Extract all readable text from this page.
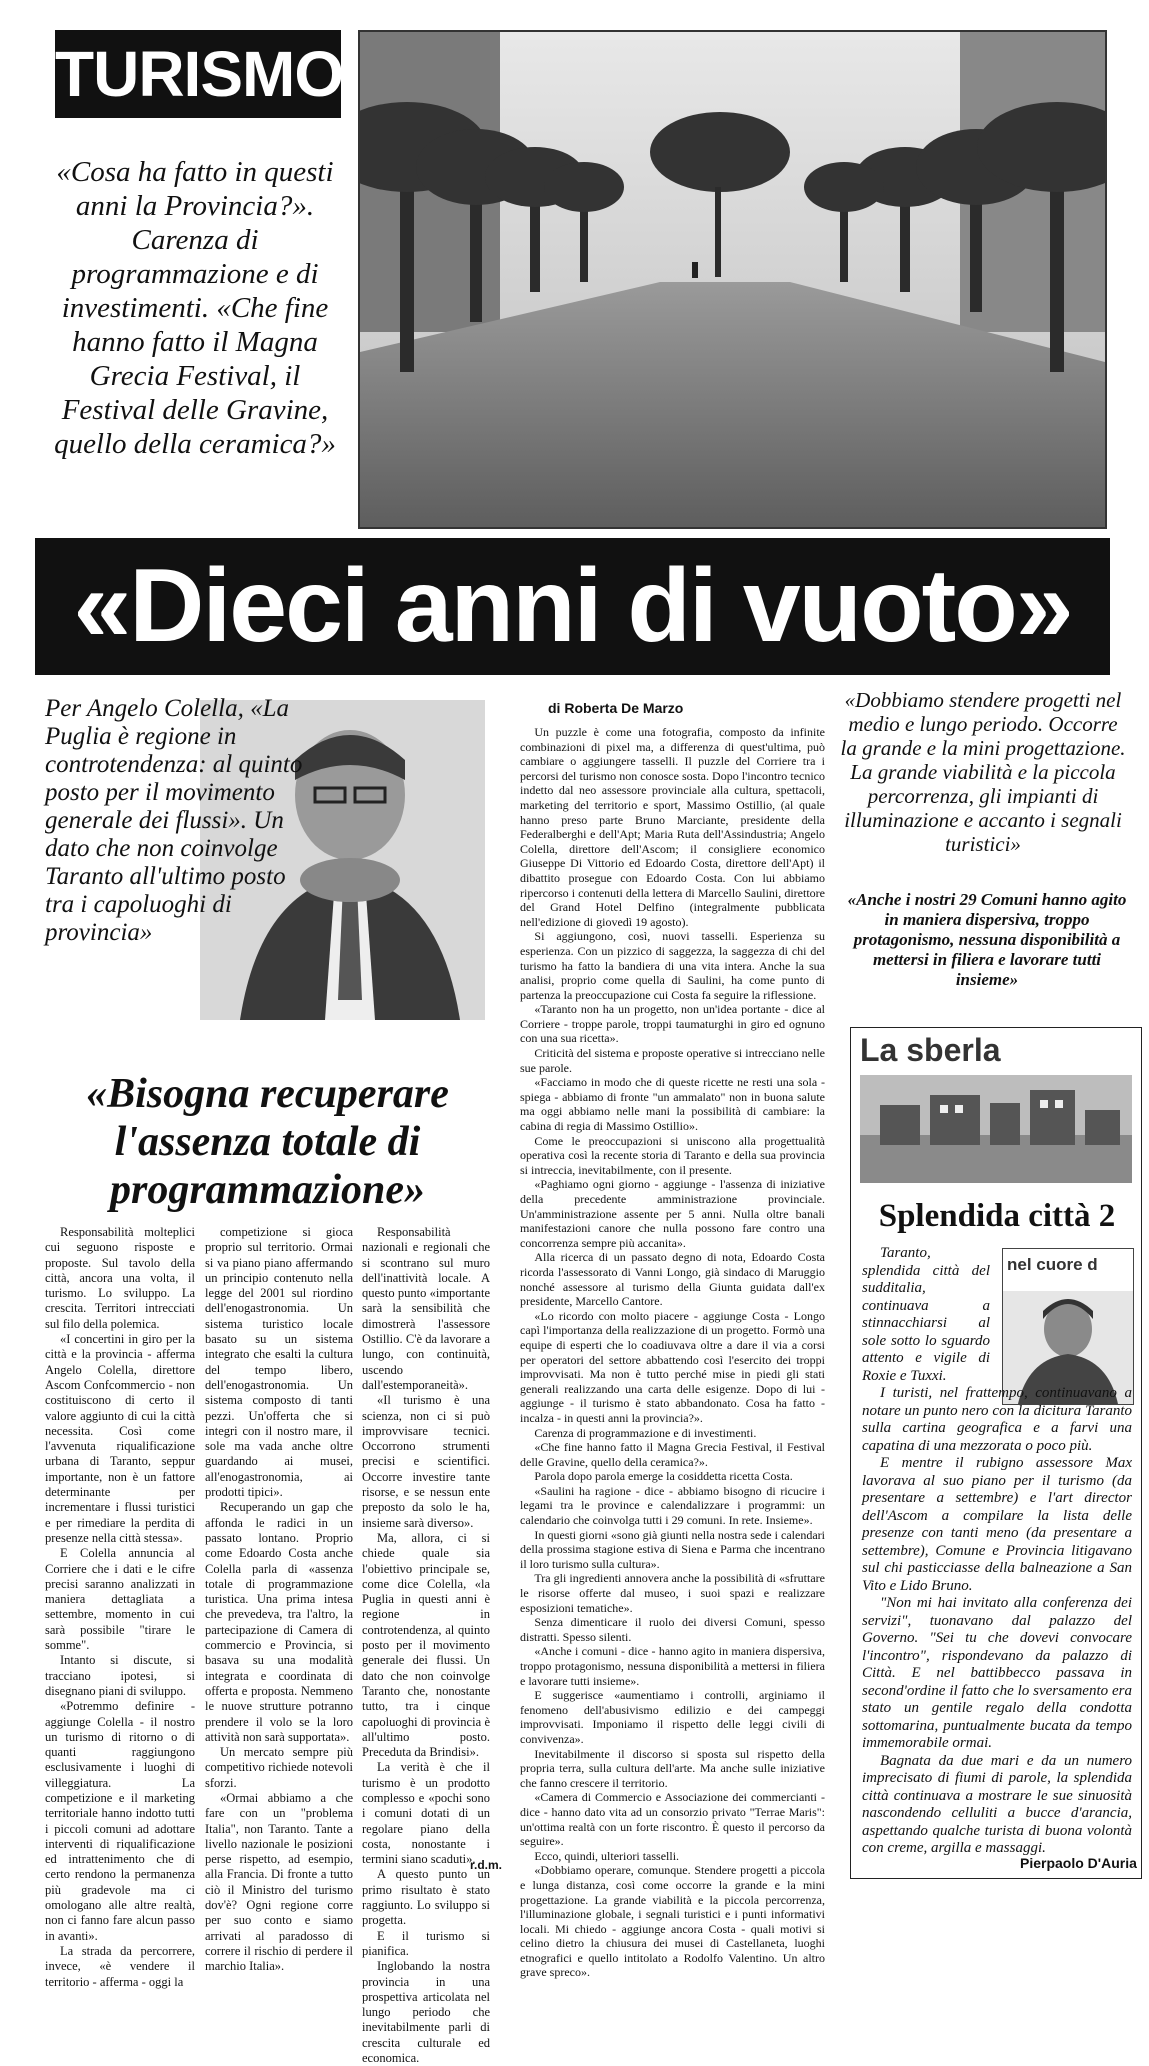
TURISMO
«Cosa ha fatto in questi anni la Provincia?». Carenza di programmazione e di investimenti. «Che fine hanno fatto il Magna Grecia Festival, il Festival delle Gravine, quello della ceramica?»
«Dieci anni di vuoto»
Per Angelo Colella, «La Puglia è regione in controtendenza: al quinto posto per il movimento generale dei flussi». Un dato che non coinvolge Taranto all'ultimo posto tra i capoluoghi di provincia»
«Bisogna recuperare l'assenza totale di programmazione»

Responsabilità molteplici cui seguono risposte e proposte. Sul tavolo della città, ancora una volta, il turismo. Lo sviluppo. La crescita. Territori intrecciati sul filo della polemica.

«I concertini in giro per la città e la provincia - afferma Angelo Colella, direttore Ascom Confcommercio - non costituiscono di certo il valore aggiunto di cui la città necessita. Così come l'avvenuta riqualificazione urbana di Taranto, seppur importante, non è un fattore determinante per incrementare i flussi turistici e per rimediare la perdita di presenze nella città stessa».

E Colella annuncia al Corriere che i dati e le cifre precisi saranno analizzati in maniera dettagliata a settembre, momento in cui sarà possibile "tirare le somme".

Intanto si discute, si tracciano ipotesi, si disegnano piani di sviluppo.

«Potremmo definire - aggiunge Colella - il nostro un turismo di ritorno o di quanti raggiungono esclusivamente i luoghi di villeggiatura. La competizione e il marketing territoriale hanno indotto tutti i piccoli comuni ad adottare interventi di riqualificazione ed intrattenimento che di certo rendono la permanenza più gradevole ma ci omologano alle altre realtà, non ci fanno fare alcun passo in avanti».

La strada da percorrere, invece, «è vendere il territorio - afferma - oggi la

competizione si gioca proprio sul territorio. Ormai si va piano piano affermando un principio contenuto nella legge del 2001 sul riordino dell'enogastronomia. Un sistema turistico locale basato su un sistema integrato che esalti la cultura del tempo libero, dell'enogastronomia. Un sistema composto di tanti pezzi. Un'offerta che si integri con il nostro mare, il sole ma vada anche oltre guardando ai musei, all'enogastronomia, ai prodotti tipici».

Recuperando un gap che affonda le radici in un passato lontano. Proprio come Edoardo Costa anche Colella parla di «assenza totale di programmazione turistica. Una prima intesa che prevedeva, tra l'altro, la partecipazione di Camera di commercio e Provincia, si basava su una modalità integrata e coordinata di offerta e proposta. Nemmeno le nuove strutture potranno prendere il volo se la loro attività non sarà supportata».

Un mercato sempre più competitivo richiede notevoli sforzi.

«Ormai abbiamo a che fare con un "problema Italia", non Taranto. Tante a livello nazionale le posizioni perse rispetto, ad esempio, alla Francia. Di fronte a tutto ciò il Ministro del turismo dov'è? Ogni regione corre per suo conto e siamo arrivati al paradosso di correre il rischio di perdere il marchio Italia».

Responsabilità nazionali e regionali che si scontrano sul muro dell'inattività locale. A questo punto «importante sarà la sensibilità che dimostrerà l'assessore Ostillio. C'è da lavorare a lungo, con continuità, uscendo dall'estemporaneità».

«Il turismo è una scienza, non ci si può improvvisare tecnici. Occorrono strumenti precisi e scientifici. Occorre investire tante risorse, e se nessun ente preposto da solo le ha, insieme sarà diverso».

Ma, allora, ci si chiede quale sia l'obiettivo principale se, come dice Colella, «la Puglia in questi anni è regione in controtendenza, al quinto posto per il movimento generale dei flussi. Un dato che non coinvolge Taranto che, nonostante tutto, tra i cinque capoluoghi di provincia è all'ultimo posto. Preceduta da Brindisi».

La verità è che il turismo è un prodotto complesso e «pochi sono i comuni dotati di un regolare piano della costa, nonostante i termini siano scaduti».

A questo punto un primo risultato è stato raggiunto. Lo sviluppo si progetta.

E il turismo si pianifica.

Inglobando la nostra provincia in una prospettiva articolata nel lungo periodo che inevitabilmente parli di crescita culturale ed economica.

r.d.m.
di Roberta De Marzo

Un puzzle è come una fotografia, composto da infinite combinazioni di pixel ma, a differenza di quest'ultima, può cambiare o aggiungere tasselli. Il puzzle del Corriere tra i percorsi del turismo non conosce sosta. Dopo l'incontro tecnico indetto dal neo assessore provinciale alla cultura, spettacoli, marketing del territorio e sport, Massimo Ostillio, (al quale hanno preso parte Bruno Marciante, presidente della Federalberghi e dell'Apt; Maria Ruta dell'Assindustria; Angelo Colella, direttore dell'Ascom; il consigliere economico Giuseppe Di Vittorio ed Edoardo Costa, direttore dell'Apt) il dibattito prosegue con Edoardo Costa. Con lui abbiamo ripercorso i contenuti della lettera di Marcello Saulini, direttore del Grand Hotel Delfino (integralmente pubblicata nell'edizione di giovedì 19 agosto).

Si aggiungono, così, nuovi tasselli. Esperienza su esperienza. Con un pizzico di saggezza, la saggezza di chi del turismo ha fatto la bandiera di una vita intera. Anche la sua analisi, proprio come quella di Saulini, ha come punto di partenza la preoccupazione cui Costa fa seguire la riflessione.

«Taranto non ha un progetto, non un'idea portante - dice al Corriere - troppe parole, troppi taumaturghi in giro ed ognuno con una sua ricetta».

Criticità del sistema e proposte operative si intrecciano nelle sue parole.

«Facciamo in modo che di queste ricette ne resti una sola - spiega - abbiamo di fronte "un ammalato" non in buona salute ma oggi abbiamo nelle mani la possibilità di cambiare: la cabina di regia di Massimo Ostillio».

Come le preoccupazioni si uniscono alla progettualità operativa così la recente storia di Taranto e della sua provincia si intreccia, inevitabilmente, con il presente.

«Paghiamo ogni giorno - aggiunge - l'assenza di iniziative della precedente amministrazione provinciale. Un'amministrazione assente per 5 anni. Nulla oltre banali manifestazioni canore che nulla possono fare contro una concorrenza sempre più accanita».

Alla ricerca di un passato degno di nota, Edoardo Costa ricorda l'assessorato di Vanni Longo, già sindaco di Maruggio nonché assessore al turismo della Giunta guidata dall'ex presidente, Marcello Cantore.

«Lo ricordo con molto piacere - aggiunge Costa - Longo capì l'importanza della realizzazione di un progetto. Formò una equipe di esperti che lo coadiuvava oltre a dare il via a corsi per operatori del settore abbattendo così l'esercito dei troppi improvvisati. Ma non è tutto perché mise in piedi gli stati generali realizzando una carta delle esigenze. Dopo di lui - aggiunge - il turismo è stato abbandonato. Cosa ha fatto - incalza - in questi anni la provincia?».

Carenza di programmazione e di investimenti.

«Che fine hanno fatto il Magna Grecia Festival, il Festival delle Gravine, quello della ceramica?».

Parola dopo parola emerge la cosiddetta ricetta Costa.

«Saulini ha ragione - dice - abbiamo bisogno di ricucire i legami tra le province e calendalizzare i programmi: un calendario che coinvolga tutti i 29 comuni. In rete. Insieme».

In questi giorni «sono già giunti nella nostra sede i calendari della prossima stagione estiva di Siena e Parma che incentrano il loro turismo sulla cultura».

Tra gli ingredienti annovera anche la possibilità di «sfruttare le risorse offerte dal museo, i suoi spazi e realizzare esposizioni tematiche».

Senza dimenticare il ruolo dei diversi Comuni, spesso distratti. Spesso silenti.

«Anche i comuni - dice - hanno agito in maniera dispersiva, troppo protagonismo, nessuna disponibilità a mettersi in filiera e lavorare tutti insieme».

E suggerisce «aumentiamo i controlli, arginiamo il fenomeno dell'abusivismo edilizio e dei campeggi improvvisati. Imponiamo il rispetto delle leggi civili di convivenza».

Inevitabilmente il discorso si sposta sul rispetto della propria terra, sulla cultura dell'arte. Ma anche sulle iniziative che fanno crescere il territorio.

«Camera di Commercio e Associazione dei commercianti - dice - hanno dato vita ad un consorzio privato "Terrae Maris": un'ottima realtà con un forte riscontro. È questo il percorso da seguire».

Ecco, quindi, ulteriori tasselli.

«Dobbiamo operare, comunque. Stendere progetti a piccola e lunga distanza, così come occorre la grande e la mini progettazione. La grande viabilità e la piccola percorrenza, l'illuminazione globale, i segnali turistici e i punti informativi locali. Mi chiedo - aggiunge ancora Costa - quali motivi si celino dietro la chiusura dei musei di Castellaneta, luoghi etnografici e quello intitolato a Rodolfo Valentino. Un altro grave spreco».

«Dobbiamo stendere progetti nel medio e lungo periodo. Occorre la grande e la mini progettazione. La grande viabilità e la piccola percorrenza, gli impianti di illuminazione e accanto i segnali turistici»
«Anche i nostri 29 Comuni hanno agito in maniera dispersiva, troppo protagonismo, nessuna disponibilità a mettersi in filiera e lavorare tutti insieme»
La sberla
Splendida città 2
nel cuore d

Taranto, splendida città del sudditalia, continuava a stinnacchiarsi al sole sotto lo sguardo attento e vigile di Roxie e Tuxxi.

I turisti, nel frattempo, continuavano a notare un punto nero con la dicitura Taranto sulla cartina geografica e a farvi una capatina di una mezzorata o poco più.

E mentre il rubigno assessore Max lavorava al suo piano per il turismo (da presentare a settembre) e l'art director dell'Ascom a compilare la lista delle presenze con tanti meno (da presentare a settembre), Comune e Provincia litigavano sul chi pasticciasse della balneazione a San Vito e Lido Bruno.

"Non mi hai invitato alla conferenza dei servizi", tuonavano dal palazzo del Governo. "Sei tu che dovevi convocare l'incontro", rispondevano da palazzo di Città. E nel battibbecco passava in second'ordine il fatto che lo sversamento era stato un gentile regalo della condotta sottomarina, puntualmente bucata da tempo immemorabile ormai.

Bagnata da due mari e da un numero imprecisato di fiumi di parole, la splendida città continuava a mostrare le sue sinuosità nascondendo celluliti a bucce d'arancia, aspettando qualche turista di buona volontà con creme, argilla e massaggi.

Pierpaolo D'Auria
